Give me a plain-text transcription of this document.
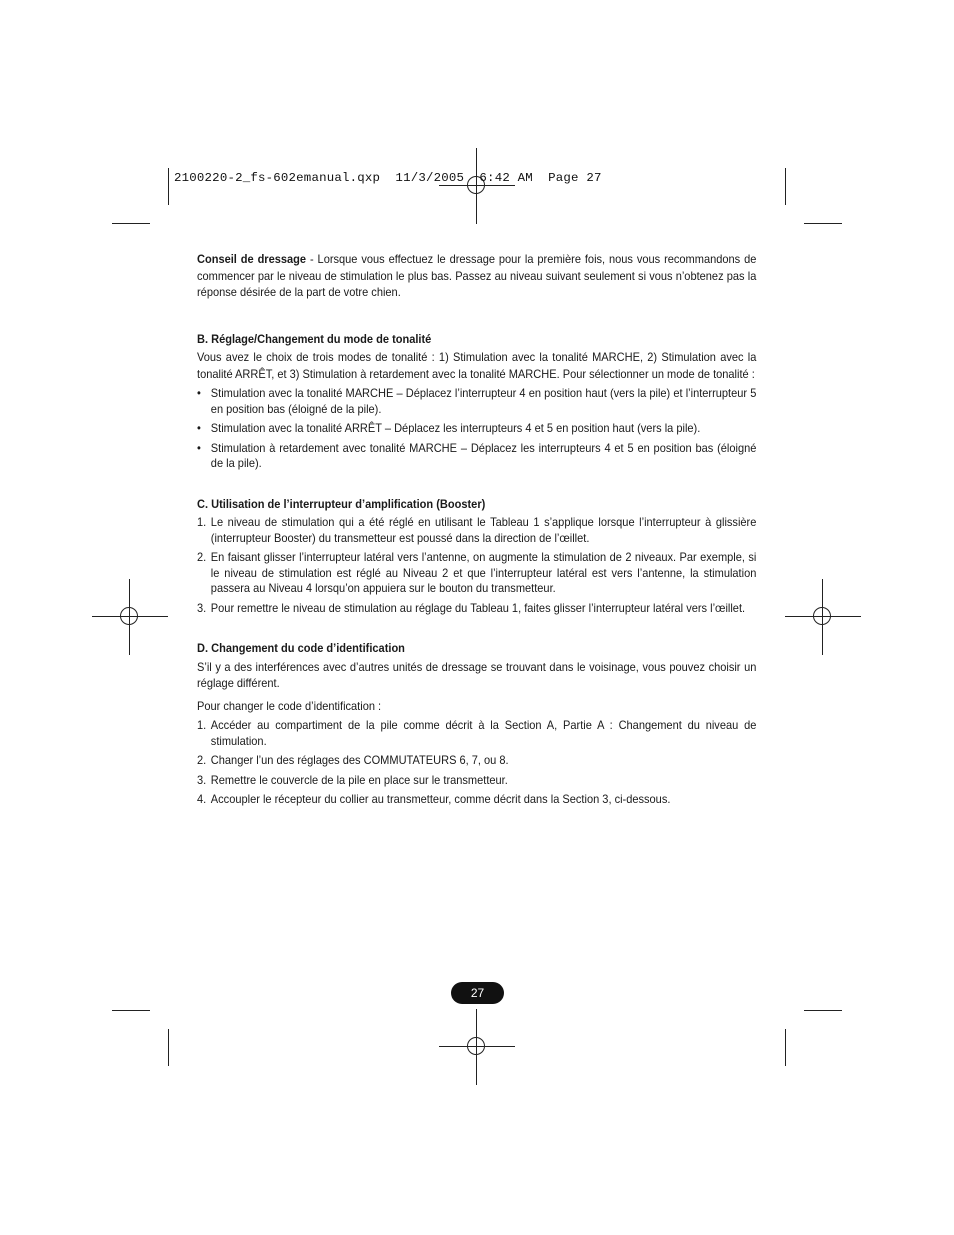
2100220-2_fs-602emanual.qxp  11/3/2005  6:42 AM  Page 27

Conseil de dressage - Lorsque vous effectuez le dressage pour la première fois, nous vous recommandons de commencer par le niveau de stimulation le plus bas. Passez au niveau suivant seulement si vous n’obtenez pas la réponse désirée de la part de votre chien.

B. Réglage/Changement du mode de tonalité

Vous avez le choix de trois modes de tonalité : 1) Stimulation avec la tonalité MARCHE, 2) Stimulation avec la tonalité ARRÊT, et 3) Stimulation à retardement avec la tonalité MARCHE. Pour sélectionner un mode de tonalité :

• Stimulation avec la tonalité MARCHE – Déplacez l’interrupteur 4 en position haut (vers la pile) et l’interrupteur 5 en position bas (éloigné de la pile).
• Stimulation avec la tonalité ARRÊT – Déplacez les interrupteurs 4 et 5 en position haut (vers la pile).
• Stimulation à retardement avec tonalité MARCHE – Déplacez les interrupteurs 4 et 5 en position bas (éloigné de la pile).

C. Utilisation de l’interrupteur d’amplification (Booster)

1. Le niveau de stimulation qui a été réglé en utilisant le Tableau 1 s’applique lorsque l’interrupteur à glissière (interrupteur Booster) du transmetteur est poussé dans la direction de l’œillet.
2. En faisant glisser l’interrupteur latéral vers l’antenne, on augmente la stimulation de 2 niveaux. Par exemple, si le niveau de stimulation est réglé au Niveau 2 et que l’interrupteur latéral est vers l’antenne, la stimulation passera au Niveau 4 lorsqu’on appuiera sur le bouton du transmetteur.
3. Pour remettre le niveau de stimulation au réglage du Tableau 1, faites glisser l’interrupteur latéral vers l’œillet.

D. Changement du code d’identification

S’il y a des interférences avec d’autres unités de dressage se trouvant dans le voisinage, vous pouvez choisir un réglage différent.

Pour changer le code d’identification :

1. Accéder au compartiment de la pile comme décrit à la Section A, Partie A : Changement du niveau de stimulation.
2. Changer l’un des réglages des COMMUTATEURS 6, 7, ou 8.
3. Remettre le couvercle de la pile en place sur le transmetteur.
4. Accoupler le récepteur du collier au transmetteur, comme décrit dans la Section 3, ci-dessous.
27
